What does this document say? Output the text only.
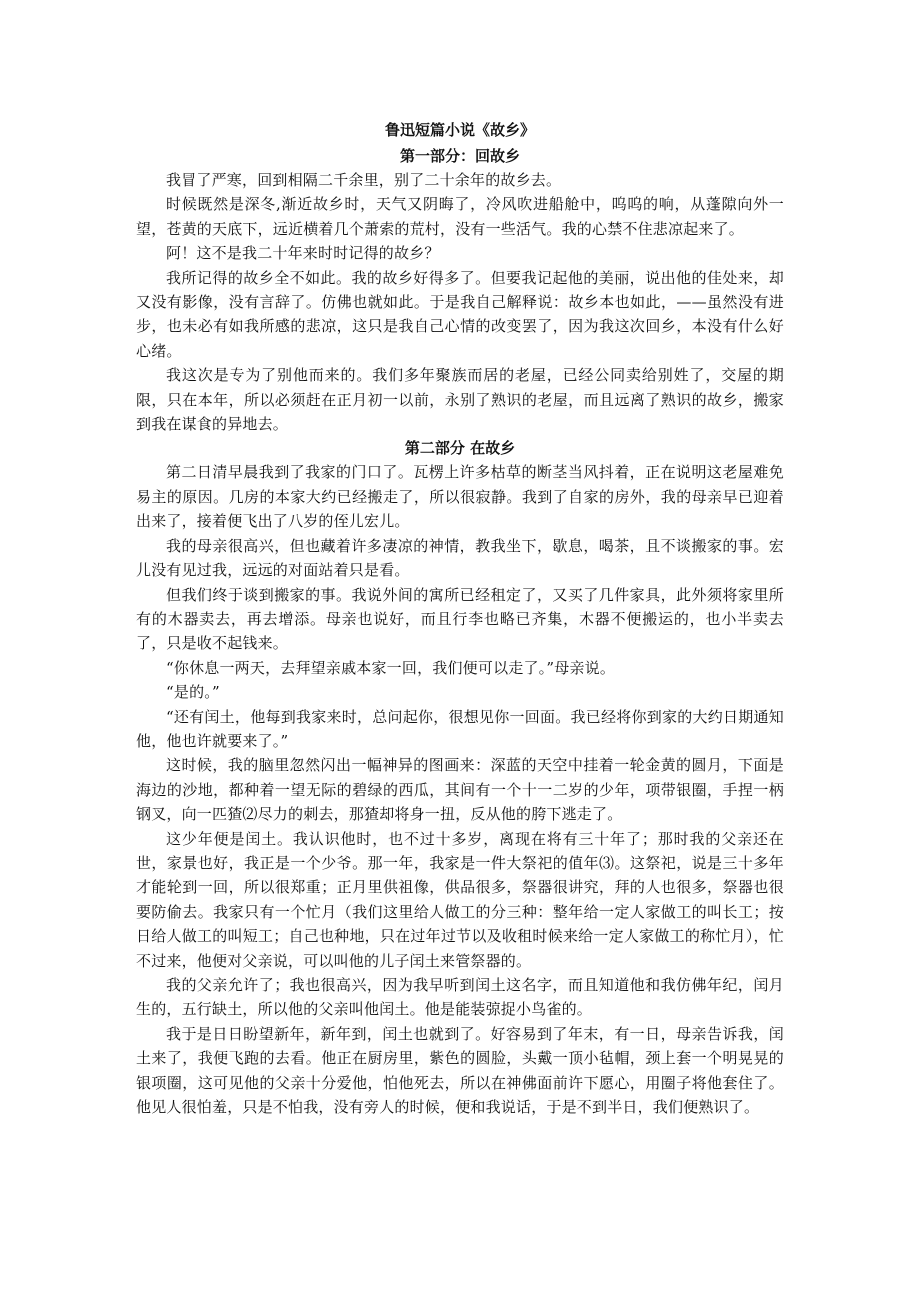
鲁迅短篇小说《故乡》
第一部分：回故乡

我冒了严寒，回到相隔二千余里，别了二十余年的故乡去。

时候既然是深冬,渐近故乡时，天气又阴晦了，冷风吹进船舱中，呜呜的响，从蓬隙向外一望，苍黄的天底下，远近横着几个萧索的荒村，没有一些活气。我的心禁不住悲凉起来了。

阿！这不是我二十年来时时记得的故乡？

我所记得的故乡全不如此。我的故乡好得多了。但要我记起他的美丽，说出他的佳处来，却又没有影像，没有言辞了。仿佛也就如此。于是我自己解释说：故乡本也如此，——虽然没有进步，也未必有如我所感的悲凉，这只是我自己心情的改变罢了，因为我这次回乡，本没有什么好心绪。

我这次是专为了别他而来的。我们多年聚族而居的老屋，已经公同卖给别姓了，交屋的期限，只在本年，所以必须赶在正月初一以前，永别了熟识的老屋，而且远离了熟识的故乡，搬家到我在谋食的异地去。

第二部分 在故乡

第二日清早晨我到了我家的门口了。瓦楞上许多枯草的断茎当风抖着，正在说明这老屋难免易主的原因。几房的本家大约已经搬走了，所以很寂静。我到了自家的房外，我的母亲早已迎着出来了，接着便飞出了八岁的侄儿宏儿。

我的母亲很高兴，但也藏着许多凄凉的神情，教我坐下，歇息，喝茶，且不谈搬家的事。宏儿没有见过我，远远的对面站着只是看。

但我们终于谈到搬家的事。我说外间的寓所已经租定了，又买了几件家具，此外须将家里所有的木器卖去，再去增添。母亲也说好，而且行李也略已齐集，木器不便搬运的，也小半卖去了，只是收不起钱来。

“你休息一两天，去拜望亲戚本家一回，我们便可以走了。”母亲说。

“是的。”

“还有闰土，他每到我家来时，总问起你，很想见你一回面。我已经将你到家的大约日期通知他，他也许就要来了。”

这时候，我的脑里忽然闪出一幅神异的图画来：深蓝的天空中挂着一轮金黄的圆月，下面是海边的沙地，都种着一望无际的碧绿的西瓜，其间有一个十一二岁的少年，项带银圈，手捏一柄钢叉，向一匹猹⑵尽力的刺去，那猹却将身一扭，反从他的胯下逃走了。

这少年便是闰土。我认识他时，也不过十多岁，离现在将有三十年了；那时我的父亲还在世，家景也好，我正是一个少爷。那一年，我家是一件大祭祀的值年⑶。这祭祀，说是三十多年才能轮到一回，所以很郑重；正月里供祖像，供品很多，祭器很讲究，拜的人也很多，祭器也很要防偷去。我家只有一个忙月（我们这里给人做工的分三种：整年给一定人家做工的叫长工；按日给人做工的叫短工；自己也种地，只在过年过节以及收租时候来给一定人家做工的称忙月），忙不过来，他便对父亲说，可以叫他的儿子闰土来管祭器的。

我的父亲允许了；我也很高兴，因为我早听到闰土这名字，而且知道他和我仿佛年纪，闰月生的，五行缺土，所以他的父亲叫他闰土。他是能装弶捉小鸟雀的。

我于是日日盼望新年，新年到，闰土也就到了。好容易到了年末，有一日，母亲告诉我，闰土来了，我便飞跑的去看。他正在厨房里，紫色的圆脸，头戴一顶小毡帽，颈上套一个明晃晃的银项圈，这可见他的父亲十分爱他，怕他死去，所以在神佛面前许下愿心，用圈子将他套住了。他见人很怕羞，只是不怕我，没有旁人的时候，便和我说话，于是不到半日，我们便熟识了。
